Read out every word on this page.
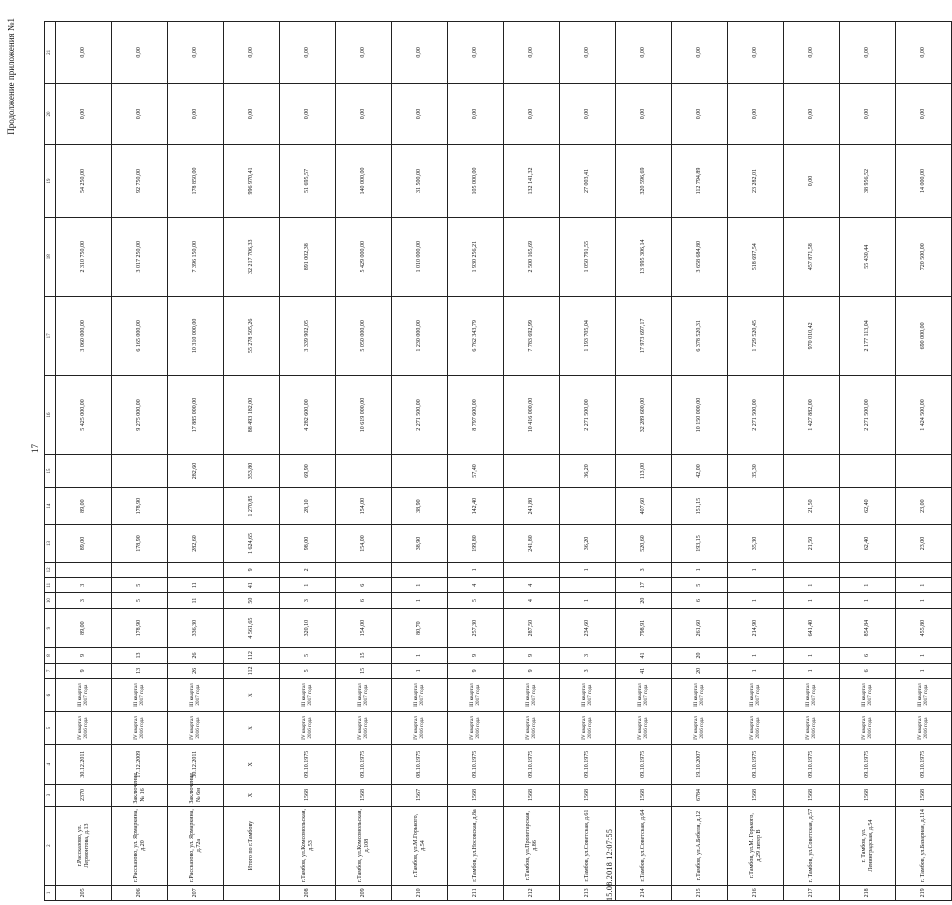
Продолжение приложения №1
17
1	2	3	4	5	6	7	8	9	10	11	12	13	14	15	16	17	18	19	20	21
205	г.Рассказово, ул. Лермонтова, д.13	2370	30.12.2011	IV квартал 2016 года	III квартал 2017 года	9	9	89,00	3	3		89,00	89,00		5 425 000,00	3 060 000,00	2 310 750,00	54 250,00	0,00	0,00
206	г.Рассказово, ул. Ярмаркина, д.20	Заключение № 16	17.12.2009	IV квартал 2016 года	III квартал 2017 года	13	13	178,90	5	5		178,90	178,90		9 275 000,00	6 165 000,00	3 017 250,00	92 750,00	0,00	0,00
207	г.Рассказово, ул. Ярмаркина, д.72а	Заключение № 6м	30.12.2011	IV квартал 2016 года	III квартал 2017 года	26	26	336,30	11	11		282,60		282,60	17 885 000,00	10 310 000,00	7 396 150,00	178 850,00	0,00	0,00
	Итого по г.Тамбову	X	X	X	X	112	112	4 561,65	50	41	9	1 624,65	1 270,85	353,80	88 493 182,00	55 278 505,26	32 217 706,33	996 970,41	0,00	0,00
208	г.Тамбов, ул.Комсомольская, д.53	1568	09.10.1975	IV квартал 2016 года	III квартал 2017 года	5	5	320,10	3	1	2	98,00	28,10	69,90	4 282 600,00	3 339 902,05	891 002,38	51 695,57	0,00	0,00
209	г.Тамбов, ул.Комсомольская, д.108	1568	09.10.1975	IV квартал 2016 года	III квартал 2017 года	15	15	154,00	6	6		154,00	154,00		10 619 000,00	5 050 000,00	5 429 000,00	140 000,00	0,00	0,00
210	г.Тамбов, ул.М.Горького, д.54	1567	08.10.1975	IV квартал 2016 года	III квартал 2017 года	1	1	80,70	1	1		38,90	38,90		2 271 500,00	1 230 000,00	1 010 000,00	31 500,00	0,00	0,00
211	г.Тамбов, ул.Носовская, д.8а	1568	09.10.1975	IV квартал 2016 года	III квартал 2017 года	9	9	257,30	5	4	1	199,80	142,40	57,40	8 797 600,00	6 762 343,79	1 930 256,21	105 000,00	0,00	0,00
212	г.Тамбов, ул.Пролетарская, д.86	1568	09.10.1975	IV квартал 2016 года	III квартал 2017 года	9	9	287,50	4	4		241,80	241,80		10 416 000,00	7 783 692,99	2 500 165,69	132 141,32	0,00	0,00
213	г.Тамбов, ул.Советская, д.61	1568	09.10.1975	IV квартал 2016 года	III квартал 2017 года	3	3	234,60	1		1	36,20		36,20	2 271 500,00	1 193 705,04	1 050 791,55	27 003,41	0,00	0,00
214	г.Тамбов, ул.Советская, д.64	1568	09.10.1975	IV квартал 2016 года	III квартал 2017 года	41	41	798,91	20	17	3	520,60	407,60	113,00	32 289 600,00	17 973 697,17	13 995 306,14	320 596,69	0,00	0,00
215	г.Тамбов, ул.А.Бебеля, д.12	6784	19.10.2007	IV квартал 2016 года	III квартал 2017 года	20	20	261,60	6	5	1	193,15	151,15	42,00	10 150 000,00	6 378 520,31	3 658 684,80	112 794,89	0,00	0,00
216	г.Тамбов, ул.М. Горького, д.29 литер В	1568	09.10.1975	IV квартал 2016 года	III квартал 2017 года	1	1	214,90	1		1	35,30		35,30	2 271 500,00	1 729 520,45	518 697,54	23 282,01	0,00	0,00
217	г. Тамбов, ул.Советская, д.57	1568	09.10.1975	IV квартал 2016 года	III квартал 2017 года	1	1	641,40	1	1		21,50	21,50		1 427 882,00	970 010,42	457 871,58	0,00	0,00	0,00
218	г. Тамбов, ул. Ленинградская, д.54	1568	09.10.1975	IV квартал 2016 года	III квартал 2017 года	6	6	854,84	1	1		62,40	62,40		2 271 500,00	2 177 113,04	55 430,44	38 956,52	0,00	0,00
219	г. Тамбов, ул.Базарная, д.114	1568	09.10.1975	IV квартал 2016 года	III квартал 2017 года	1	1	455,80	1	1		23,00	23,00		1 424 500,00	690 000,00	720 500,00	14 000,00	0,00	0,00
15.08.2018 12:07:55
